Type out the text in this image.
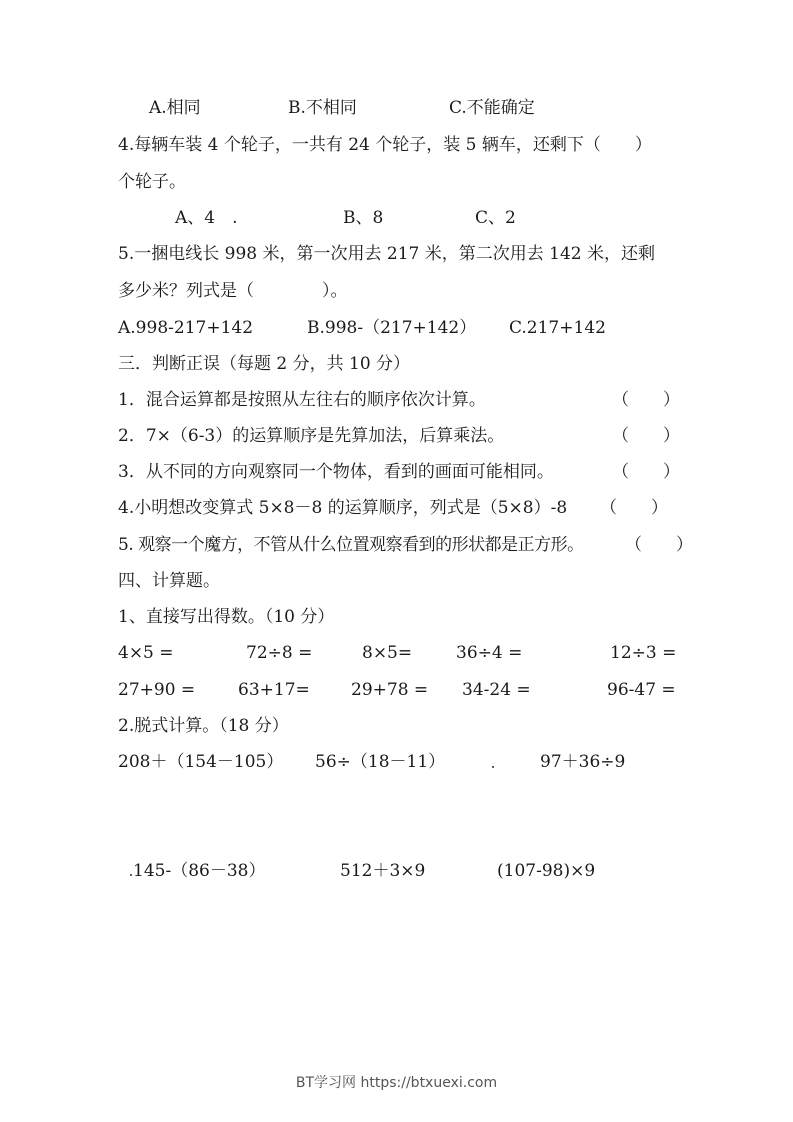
A.相同	B.不相同	C.不能确定
4.每辆车装 4 个轮子，一共有 24 个轮子，装 5 辆车，还剩下（　　）
个轮子。
A、4　.	B、8	C、2
5.一捆电线长 998 米，第一次用去 217 米，第二次用去 142 米，还剩
多少米？列式是（　　　　）。
A.998-217+142	B.998-（217+142） C.217+142
三．判断正误（每题 2 分，共 10 分）
1．混合运算都是按照从左往右的顺序依次计算。	（　　）
2．7×（6-3）的运算顺序是先算加法，后算乘法。	（　　）
3．从不同的方向观察同一个物体，看到的画面可能相同。	（　　）
4.小明想改变算式 5×8－8 的运算顺序，列式是（5×8）-8 （　　）
5. 观察一个魔方，不管从什么位置观察看到的形状都是正方形。 （　　）
四、计算题。
1、直接写出得数。（10 分）
4×5 =	72÷8 =	8×5=	36÷4 =	12÷3 =
27+90 =	63+17= 29+78 = 34-24 =	96-47 =
2.脱式计算。（18 分）
208＋（154－105） 56÷（18－11）	97＋36÷9
145-（86－38）	512＋3×9	(107-98)×9
BT学习网 https://btxuexi.com
